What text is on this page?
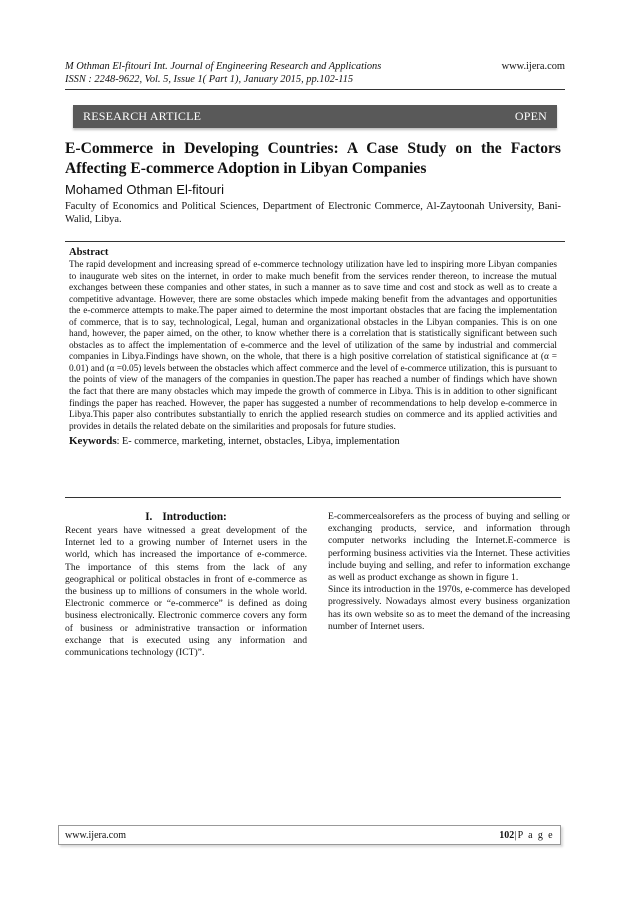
M Othman El-fitouri Int. Journal of Engineering Research and Applications	www.ijera.com
ISSN : 2248-9622, Vol. 5, Issue 1( Part 1), January 2015, pp.102-115
RESEARCH ARTICLE	OPEN
E-Commerce in Developing Countries: A Case Study on the Factors Affecting E-commerce Adoption in Libyan Companies
Mohamed Othman El-fitouri
Faculty of Economics and Political Sciences, Department of Electronic Commerce, Al-Zaytoonah University, Bani-Walid, Libya.
Abstract
The rapid development and increasing spread of e-commerce technology utilization have led to inspiring more Libyan companies to inaugurate web sites on the internet, in order to make much benefit from the services render thereon, to increase the mutual exchanges between these companies and other states, in such a manner as to save time and cost and stock as well as to create a competitive advantage. However, there are some obstacles which impede making benefit from the advantages and opportunities the e-commerce attempts to make.The paper aimed to determine the most important obstacles that are facing the implementation of commerce, that is to say, technological, Legal, human and organizational obstacles in the Libyan companies. This is on one hand, however, the paper aimed, on the other, to know whether there is a correlation that is statistically significant between such obstacles as to affect the implementation of e-commerce and the level of utilization of the same by industrial and commercial companies in Libya.Findings have shown, on the whole, that there is a high positive correlation of statistical significance at (α = 0.01) and (α =0.05) levels between the obstacles which affect commerce and the level of e-commerce utilization, this is pursuant to the points of view of the managers of the companies in question.The paper has reached a number of findings which have shown the fact that there are many obstacles which may impede the growth of commerce in Libya. This is in addition to other significant findings the paper has reached. However, the paper has suggested a number of recommendations to help develop e-commerce in Libya.This paper also contributes substantially to enrich the applied research studies on commerce and its applied activities and provides in details the related debate on the similarities and proposals for future studies.
Keywords: E- commerce, marketing, internet, obstacles, Libya, implementation
I. Introduction:

Recent years have witnessed a great development of the Internet led to a growing number of Internet users in the world, which has increased the importance of e-commerce. The importance of this stems from the lack of any geographical or political obstacles in front of e-commerce as the business up to millions of consumers in the whole world. Electronic commerce or “e-commerce” is defined as doing business electronically. Electronic commerce covers any form of business or administrative transaction or information exchange that is executed using any information and communications technology (ICT)”.

E-commercealsorefers as the process of buying and selling or exchanging products, service, and information through computer networks including the Internet.E-commerce is performing business activities via the Internet. These activities include buying and selling, and refer to information exchange as well as product exchange as shown in figure 1.

Since its introduction in the 1970s, e-commerce has developed progressively. Nowadays almost every business organization has its own website so as to meet the demand of the increasing number of Internet users.

www.ijera.com	102|P a g e
